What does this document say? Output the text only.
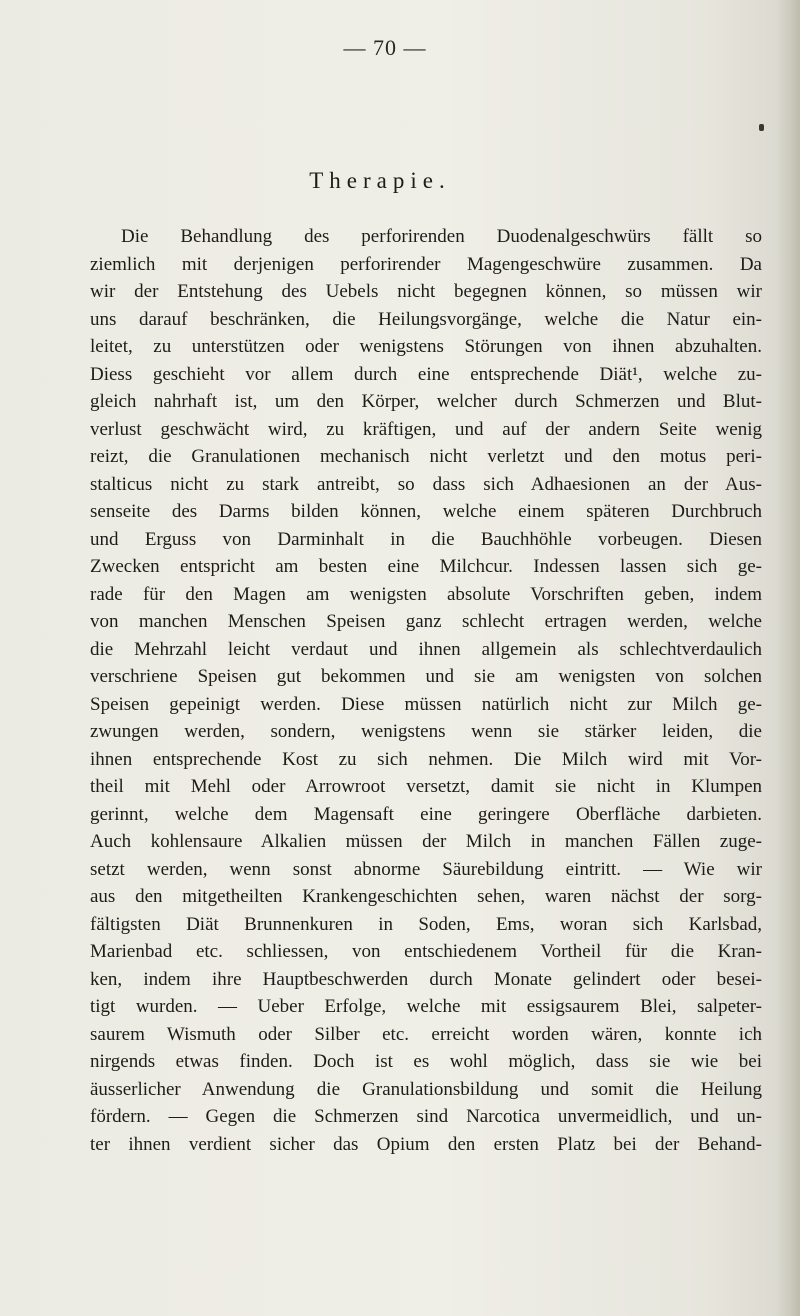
— 70 —
Therapie.
Die Behandlung des perforirenden Duodenalgeschwürs fällt so
ziemlich mit derjenigen perforirender Magengeschwüre zusammen. Da
wir der Entstehung des Uebels nicht begegnen können, so müssen wir
uns darauf beschränken, die Heilungsvorgänge, welche die Natur ein-
leitet, zu unterstützen oder wenigstens Störungen von ihnen abzuhalten.
Diess geschieht vor allem durch eine entsprechende Diät¹, welche zu-
gleich nahrhaft ist, um den Körper, welcher durch Schmerzen und Blut-
verlust geschwächt wird, zu kräftigen, und auf der andern Seite wenig
reizt, die Granulationen mechanisch nicht verletzt und den motus peri-
stalticus nicht zu stark antreibt, so dass sich Adhaesionen an der Aus-
senseite des Darms bilden können, welche einem späteren Durchbruch
und Erguss von Darminhalt in die Bauchhöhle vorbeugen. Diesen
Zwecken entspricht am besten eine Milchcur. Indessen lassen sich ge-
rade für den Magen am wenigsten absolute Vorschriften geben, indem
von manchen Menschen Speisen ganz schlecht ertragen werden, welche
die Mehrzahl leicht verdaut und ihnen allgemein als schlechtverdaulich
verschriene Speisen gut bekommen und sie am wenigsten von solchen
Speisen gepeinigt werden. Diese müssen natürlich nicht zur Milch ge-
zwungen werden, sondern, wenigstens wenn sie stärker leiden, die
ihnen entsprechende Kost zu sich nehmen. Die Milch wird mit Vor-
theil mit Mehl oder Arrowroot versetzt, damit sie nicht in Klumpen
gerinnt, welche dem Magensaft eine geringere Oberfläche darbieten.
Auch kohlensaure Alkalien müssen der Milch in manchen Fällen zuge-
setzt werden, wenn sonst abnorme Säurebildung eintritt. — Wie wir
aus den mitgetheilten Krankengeschichten sehen, waren nächst der sorg-
fältigsten Diät Brunnenkuren in Soden, Ems, woran sich Karlsbad,
Marienbad etc. schliessen, von entschiedenem Vortheil für die Kran-
ken, indem ihre Hauptbeschwerden durch Monate gelindert oder besei-
tigt wurden. — Ueber Erfolge, welche mit essigsaurem Blei, salpeter-
saurem Wismuth oder Silber etc. erreicht worden wären, konnte ich
nirgends etwas finden. Doch ist es wohl möglich, dass sie wie bei
äusserlicher Anwendung die Granulationsbildung und somit die Heilung
fördern. — Gegen die Schmerzen sind Narcotica unvermeidlich, und un-
ter ihnen verdient sicher das Opium den ersten Platz bei der Behand-
